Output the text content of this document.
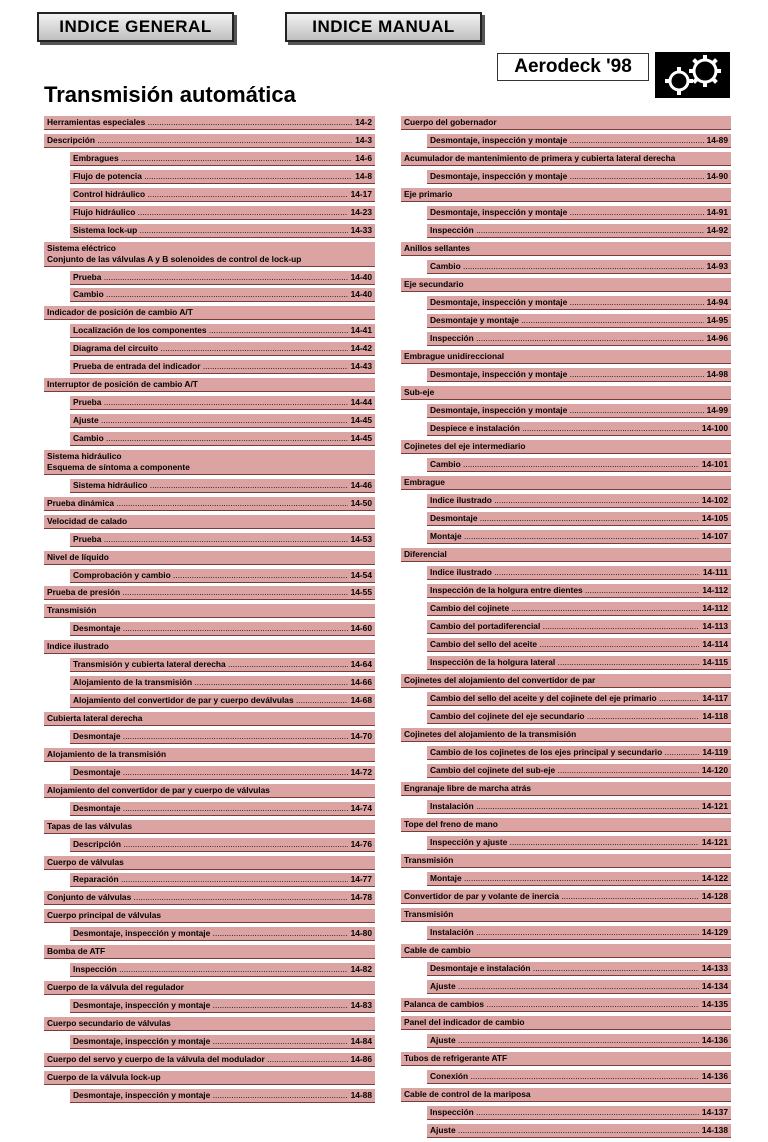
INDICE GENERAL	INDICE MANUAL
Aerodeck '98
Transmisión automática
Herramientas especiales .....	14-2
Descripción .....	14-3
Embragues .....	14-6
Flujo de potencia .....	14-8
Control hidráulico .....	14-17
Flujo hidráulico .....	14-23
Sistema lock-up .....	14-33
Sistema eléctrico
Conjunto de las válvulas A y B solenoides de control de lock-up
Prueba .....	14-40
Cambio .....	14-40
Indicador de posición de cambio A/T
Localización de los componentes .....	14-41
Diagrama del circuito .....	14-42
Prueba de entrada del indicador .....	14-43
Interruptor de posición de cambio A/T
Prueba .....	14-44
Ajuste .....	14-45
Cambio .....	14-45
Sistema hidráulico
Esquema de síntoma a componente
Sistema hidráulico .....	14-46
Prueba dinámica .....	14-50
Velocidad de calado
Prueba .....	14-53
Nivel de líquido
Comprobación y cambio .....	14-54
Prueba de presión .....	14-55
Transmisión
Desmontaje .....	14-60
Indice ilustrado
Transmisión y cubierta lateral derecha .....	14-64
Alojamiento de la transmisión .....	14-66
Alojamiento del convertidor de par y cuerpo deválvulas .....	14-68
Cubierta lateral derecha
Desmontaje .....	14-70
Alojamiento de la transmisión
Desmontaje .....	14-72
Alojamiento del convertidor de par y cuerpo de válvulas
Desmontaje .....	14-74
Tapas de las válvulas
Descripción .....	14-76
Cuerpo de válvulas
Reparación .....	14-77
Conjunto de válvulas .....	14-78
Cuerpo principal de válvulas
Desmontaje, inspección y montaje .....	14-80
Bomba de ATF
Inspección .....	14-82
Cuerpo de la válvula del regulador
Desmontaje, inspección y montaje .....	14-83
Cuerpo secundario de válvulas
Desmontaje, inspección y montaje .....	14-84
Cuerpo del servo y cuerpo de la válvula del modulador .....	14-86
Cuerpo de la válvula lock-up
Desmontaje, inspección y montaje .....	14-88
Cuerpo del gobernador
Desmontaje, inspección y montaje .....	14-89
Acumulador de mantenimiento de primera y cubierta lateral derecha
Desmontaje, inspección y montaje .....	14-90
Eje primario
Desmontaje, inspección y montaje .....	14-91
Inspección .....	14-92
Anillos sellantes
Cambio .....	14-93
Eje secundario
Desmontaje, inspección y montaje .....	14-94
Desmontaje y montaje .....	14-95
Inspección .....	14-96
Embrague unidireccional
Desmontaje, inspección y montaje .....	14-98
Sub-eje
Desmontaje, inspección y montaje .....	14-99
Despiece e instalación .....	14-100
Cojinetes del eje intermediario
Cambio .....	14-101
Embrague
Indice ilustrado .....	14-102
Desmontaje .....	14-105
Montaje .....	14-107
Diferencial
Indice ilustrado .....	14-111
Inspección de la holgura entre dientes .....	14-112
Cambio del cojinete .....	14-112
Cambio del portadiferencial .....	14-113
Cambio del sello del aceite .....	14-114
Inspección de la holgura lateral .....	14-115
Cojinetes del alojamiento del convertidor de par
Cambio del sello del aceite y del cojinete del eje primario .....	14-117
Cambio del cojinete del eje secundario .....	14-118
Cojinetes del alojamiento de la transmisión
Cambio de los cojinetes de los ejes principal y secundario .....	14-119
Cambio del cojinete del sub-eje .....	14-120
Engranaje libre de marcha atrás
Instalación .....	14-121
Tope del freno de mano
Inspección y ajuste .....	14-121
Transmisión
Montaje .....	14-122
Convertidor de par y volante de inercia .....	14-128
Transmisión
Instalación .....	14-129
Cable de cambio
Desmontaje e instalación .....	14-133
Ajuste .....	14-134
Palanca de cambios .....	14-135
Panel del indicador de cambio
Ajuste .....	14-136
Tubos de refrigerante ATF
Conexión .....	14-136
Cable de control de la mariposa
Inspección .....	14-137
Ajuste .....	14-138
